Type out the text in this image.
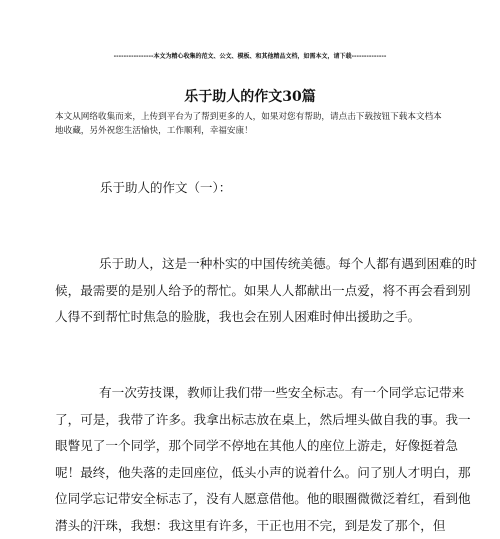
----------------本文为精心收集的范文、公文、模板、和其他精品文档，如需本文，请下载--------------
乐于助人的作文30篇

本文从网络收集而来，上传到平台为了帮到更多的人，如果对您有帮助，请点击下载按钮下载本文档本
地收藏，另外祝您生活愉快，工作顺利，幸福安康！

乐于助人的作文（一）：
乐于助人，这是一种朴实的中国传统美德。每个人都有遇到困难的时
候，最需要的是别人给予的帮忙。如果人人都献出一点爱，将不再会看到别
人得不到帮忙时焦急的脸胧，我也会在别人困难时伸出援助之手。
有一次劳技课，教师让我们带一些安全标志。有一个同学忘记带来
了，可是，我带了许多。我拿出标志放在桌上，然后埋头做自我的事。我一
眼瞥见了一个同学，那个同学不停地在其他人的座位上游走，好像挺着急
呢！最终，他失落的走回座位，低头小声的说着什么。问了别人才明白，那
位同学忘记带安全标志了，没有人愿意借他。他的眼圈微微泛着红，看到他
潸头的汗珠，我想：我这里有许多，干正也用不完，到是发了那个，但
